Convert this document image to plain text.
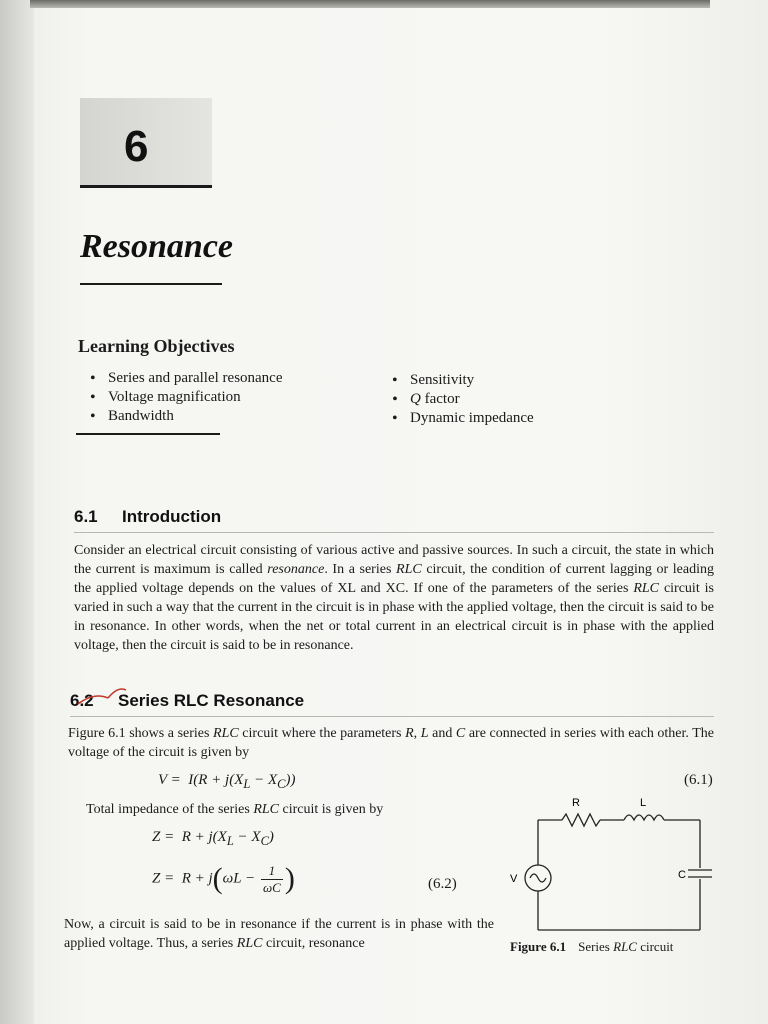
6
Resonance
Learning Objectives
• Series and parallel resonance
• Voltage magnification
• Bandwidth
• Sensitivity
• Q factor
• Dynamic impedance
6.1 Introduction
Consider an electrical circuit consisting of various active and passive sources. In such a circuit, the state in which the current is maximum is called resonance. In a series RLC circuit, the condition of current lagging or leading the applied voltage depends on the values of XL and XC. If one of the parameters of the series RLC circuit is varied in such a way that the current in the circuit is in phase with the applied voltage, then the circuit is said to be in resonance. In other words, when the net or total current in an electrical circuit is in phase with the applied voltage, then the circuit is said to be in resonance.
6.2 Series RLC Resonance
Figure 6.1 shows a series RLC circuit where the parameters R, L and C are connected in series with each other. The voltage of the circuit is given by
$V = I(R + j(X_L - X_C))$	(6.1)
Total impedance of the series RLC circuit is given by
$Z = R + j(X_L - X_C)$
$Z = R + j(\omega L - \frac{1}{\omega C}$ )	(6.2)
Now, a circuit is said to be in resonance if the current is in phase with the applied voltage. Thus, a series RLC circuit, resonance
R	L
C
V
Figure 6.1 Series RLC circuit
